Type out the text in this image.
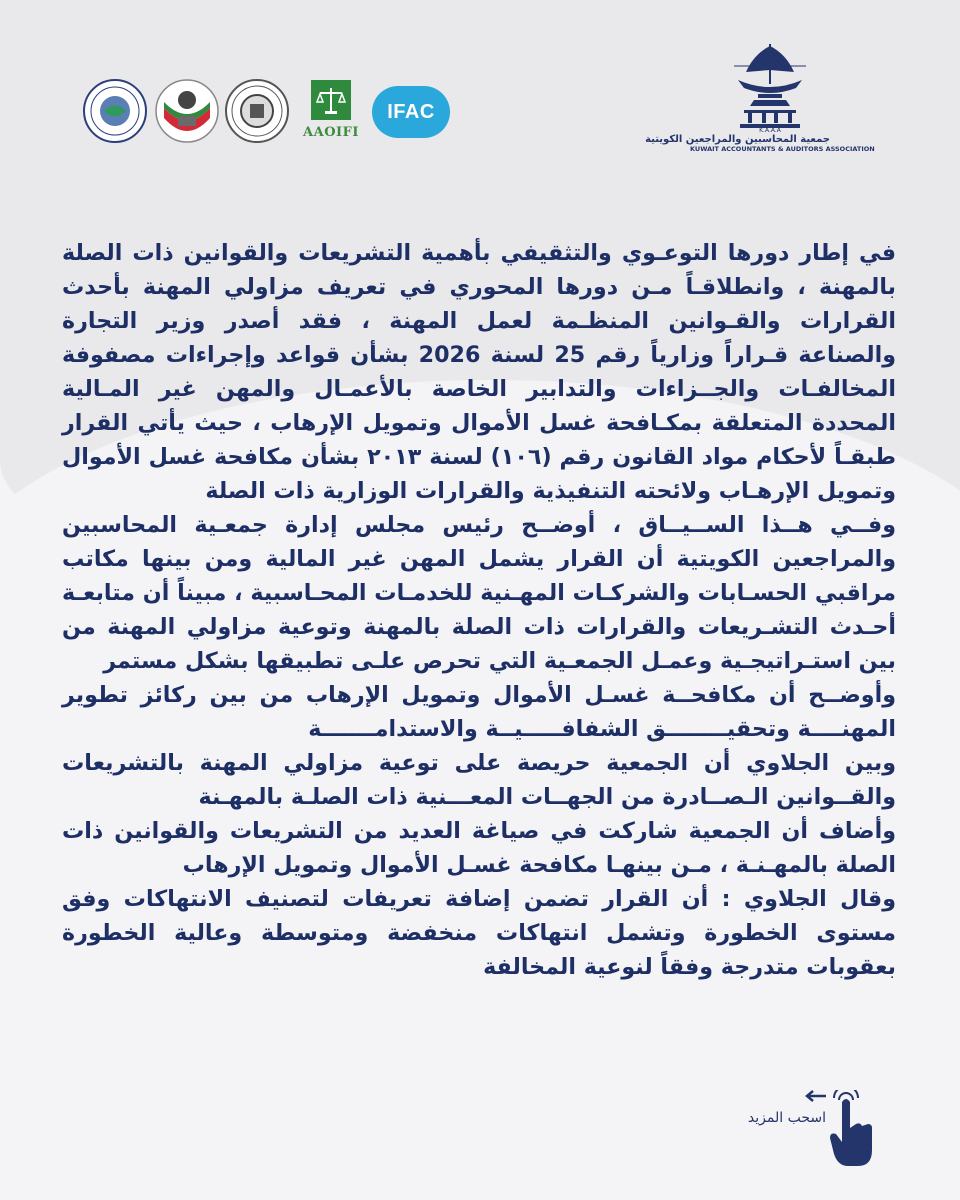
AAOIFI
IFAC
K.A.A.A
جمعية المحاسبين والمراجعين الكويتية
KUWAIT ACCOUNTANTS & AUDITORS ASSOCIATION

في إطار دورها التوعـوي والتثقيفي بأهمية التشريعات والقوانين ذات الصلة بالمهنة ، وانطلاقـاً مـن دورها المحوري في تعريف مزاولي المهنة بأحدث القرارات والقـوانين المنظـمة لعمل المهنة ، فقد أصدر وزير التجارة والصناعة قـراراً وزارياً رقم 25 لسنة 2026 بشأن قواعد وإجراءات مصفوفة المخالفـات والجــزاءات والتدابير الخاصة بالأعمـال والمهن غير المـالية المحددة المتعلقة بمكـافحة غسل الأموال وتمويل الإرهاب ، حيث يأتي القرار طبقـاً لأحكام مواد القانون رقم (١٠٦) لسنة ٢٠١٣ بشأن مكافحة غسل الأموال وتمويل الإرهـاب ولائحته التنفيذية والقرارات الوزارية ذات الصلة

وفــي هــذا الســيــاق ، أوضــح رئيس مجلس إدارة جمعـية المحاسبين والمراجعين الكويتية أن القرار يشمل المهن غير المالية ومن بينها مكاتب مراقبي الحسـابات والشركـات المهـنية للخدمـات المحـاسبية ، مبيناً أن متابعـة أحـدث التشـريعات والقرارات ذات الصلة بالمهنة وتوعية مزاولي المهنة من بين استـراتيجـية وعمـل الجمعـية التي تحرص علـى تطبيقها بشكل مستمر

وأوضــح أن مكافحــة غسـل الأموال وتمويل الإرهاب من بين ركائز تطوير المهنــــة وتحقيــــــــق الشفافـــــيــة والاستدامـــــــة

وبين الجلاوي أن الجمعية حريصة على توعية مزاولي المهنة بالتشريعات والقــوانين الـصــادرة من الجهــات المعـــنية ذات الصلـة بالمهـنة

وأضاف أن الجمعية شاركت في صياغة العديد من التشريعات والقوانين ذات الصلة بالمهـنـة ، مـن بينهـا مكافحة غسـل الأموال وتمويل الإرهاب

وقال الجلاوي : أن القرار تضمن إضافة تعريفات لتصنيف الانتهاكات وفق مستوى الخطورة وتشمل انتهاكات منخفضة ومتوسطة وعالية الخطورة بعقوبات متدرجة وفقاً لنوعية المخالفة

اسحب المزيد
